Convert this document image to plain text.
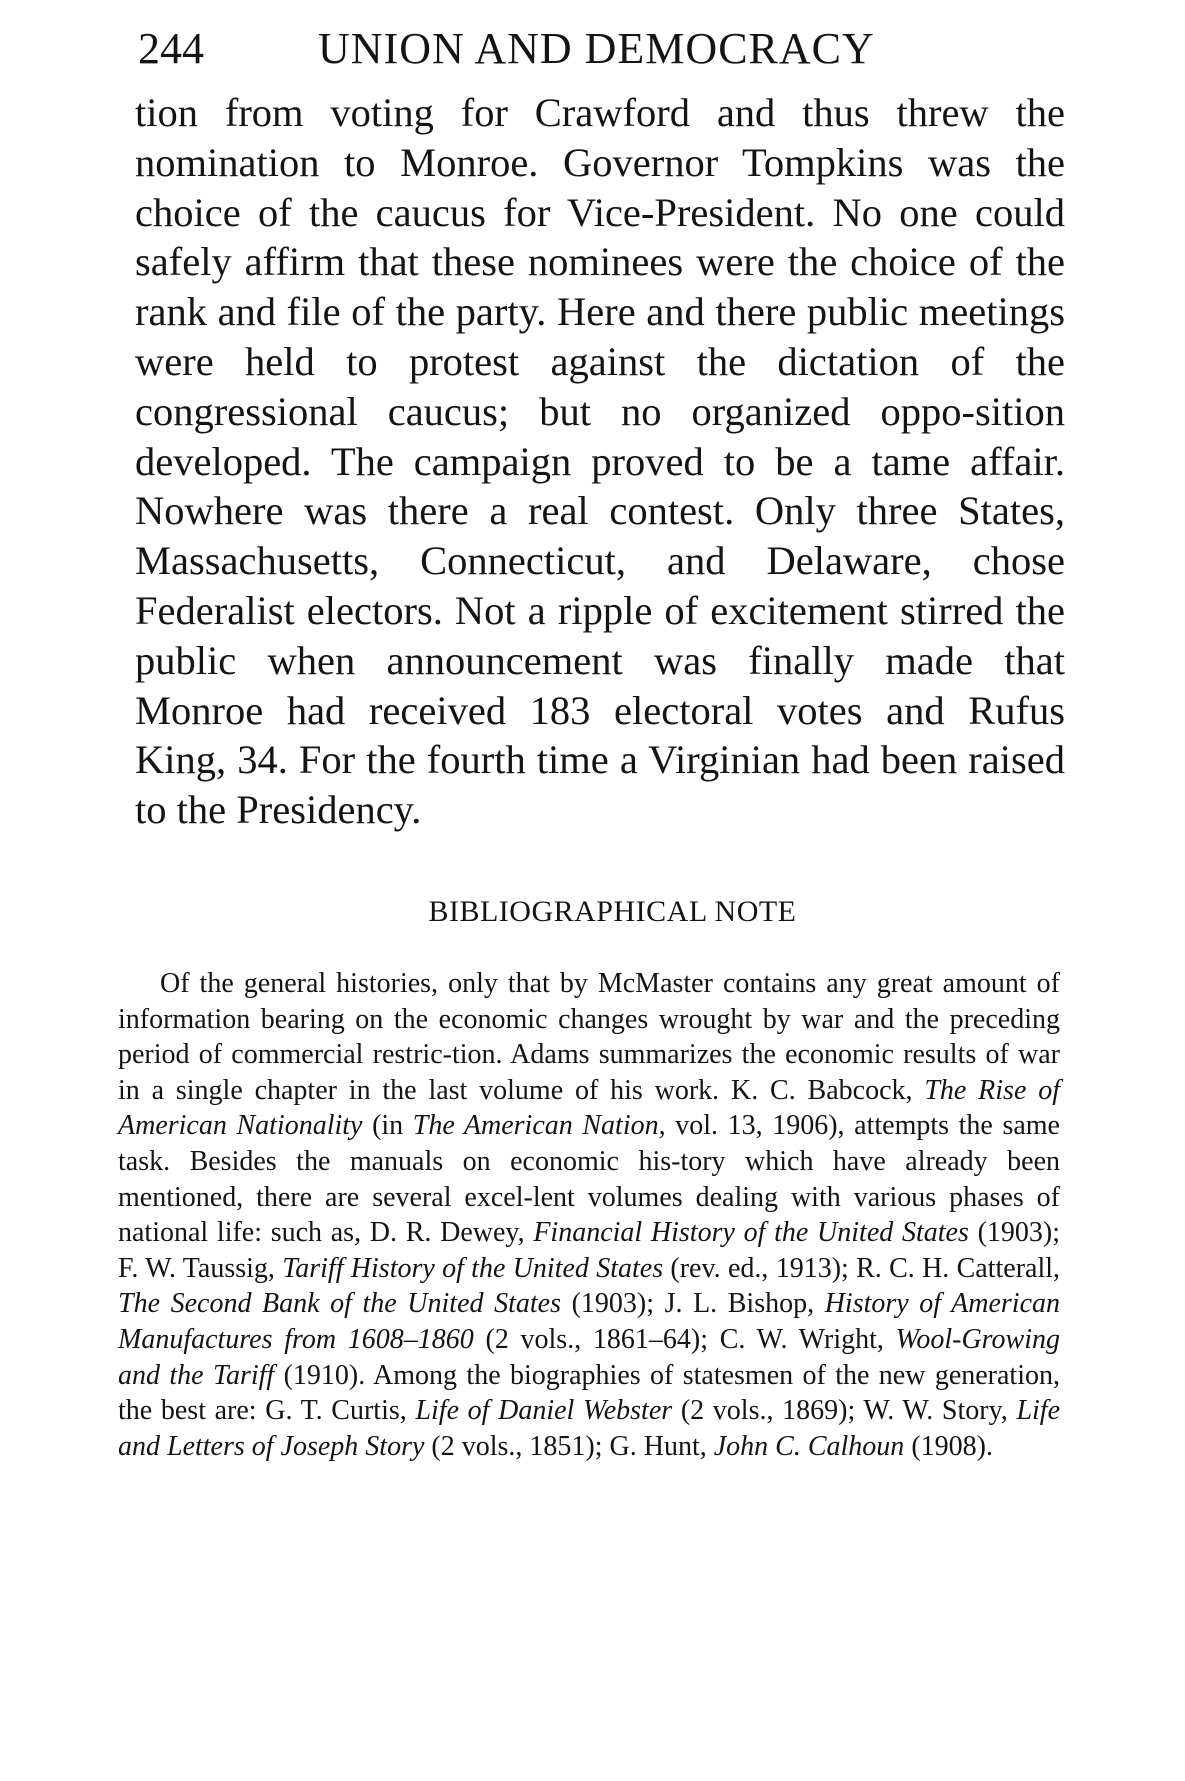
244	UNION AND DEMOCRACY

tion from voting for Crawford and thus threw the nomination to Monroe. Governor Tompkins was the choice of the caucus for Vice-President. No one could safely affirm that these nominees were the choice of the rank and file of the party. Here and there public meetings were held to protest against the dictation of the congressional caucus; but no organized oppo-sition developed. The campaign proved to be a tame affair. Nowhere was there a real contest. Only three States, Massachusetts, Connecticut, and Delaware, chose Federalist electors. Not a ripple of excitement stirred the public when announcement was finally made that Monroe had received 183 electoral votes and Rufus King, 34. For the fourth time a Virginian had been raised to the Presidency.

BIBLIOGRAPHICAL NOTE

Of the general histories, only that by McMaster contains any great amount of information bearing on the economic changes wrought by war and the preceding period of commercial restric-tion. Adams summarizes the economic results of war in a single chapter in the last volume of his work. K. C. Babcock, The Rise of American Nationality (in The American Nation, vol. 13, 1906), attempts the same task. Besides the manuals on economic his-tory which have already been mentioned, there are several excel-lent volumes dealing with various phases of national life: such as, D. R. Dewey, Financial History of the United States (1903); F. W. Taussig, Tariff History of the United States (rev. ed., 1913); R. C. H. Catterall, The Second Bank of the United States (1903); J. L. Bishop, History of American Manufactures from 1608–1860 (2 vols., 1861–64); C. W. Wright, Wool-Growing and the Tariff (1910). Among the biographies of statesmen of the new generation, the best are: G. T. Curtis, Life of Daniel Webster (2 vols., 1869); W. W. Story, Life and Letters of Joseph Story (2 vols., 1851); G. Hunt, John C. Calhoun (1908).
